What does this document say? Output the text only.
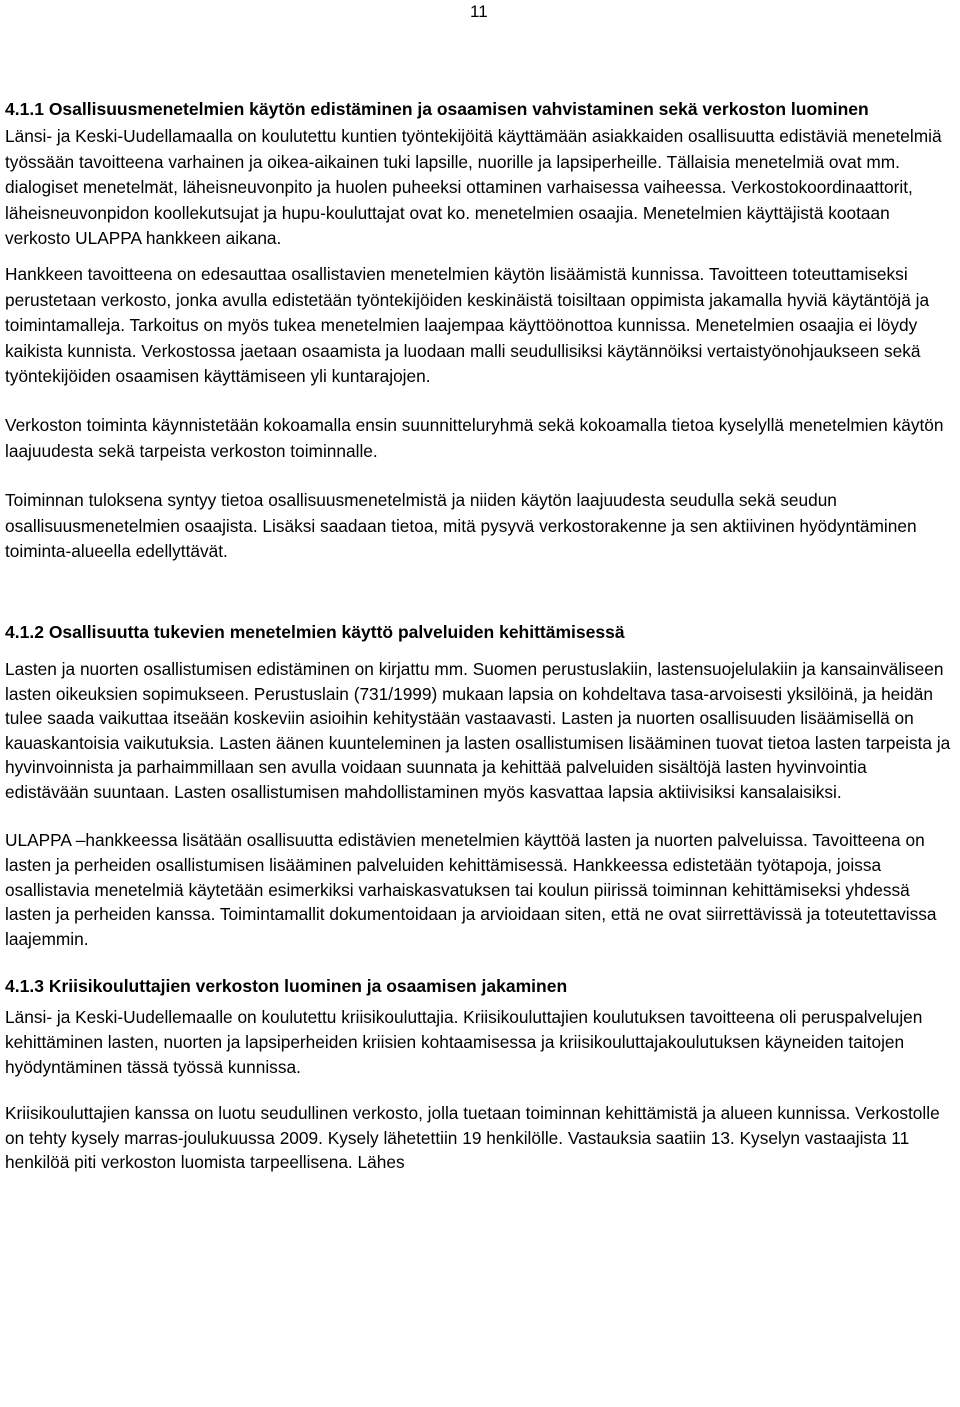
11
4.1.1 Osallisuusmenetelmien käytön edistäminen ja osaamisen vahvistaminen sekä verkoston luominen

Länsi- ja Keski-Uudellamaalla on koulutettu kuntien työntekijöitä käyttämään asiakkaiden osallisuutta edistäviä menetelmiä työssään tavoitteena varhainen ja oikea-aikainen tuki lapsille, nuorille ja lapsiperheille. Tällaisia menetelmiä ovat mm. dialogiset menetelmät, läheisneuvonpito ja huolen puheeksi ottaminen varhaisessa vaiheessa. Verkostokoordinaattorit, läheisneuvonpidon koollekutsujat ja hupu-kouluttajat ovat ko. menetelmien osaajia. Menetelmien käyttäjistä kootaan verkosto ULAPPA hankkeen aikana.

Hankkeen tavoitteena on edesauttaa osallistavien menetelmien käytön lisäämistä kunnissa. Tavoitteen toteuttamiseksi perustetaan verkosto, jonka avulla edistetään työntekijöiden keskinäistä toisiltaan oppimista jakamalla hyviä käytäntöjä ja toimintamalleja. Tarkoitus on myös tukea menetelmien laajempaa käyttöönottoa kunnissa. Menetelmien osaajia ei löydy kaikista kunnista. Verkostossa jaetaan osaamista ja luodaan malli seudullisiksi käytännöiksi vertaistyönohjaukseen sekä työntekijöiden osaamisen käyttämiseen yli kuntarajojen.

Verkoston toiminta käynnistetään kokoamalla ensin suunnitteluryhmä sekä kokoamalla tietoa kyselyllä menetelmien käytön laajuudesta sekä tarpeista verkoston toiminnalle.

Toiminnan tuloksena syntyy tietoa osallisuusmenetelmistä ja niiden käytön laajuudesta seudulla sekä seudun osallisuusmenetelmien osaajista. Lisäksi saadaan tietoa, mitä pysyvä verkostorakenne ja sen aktiivinen hyödyntäminen toiminta-alueella edellyttävät.

4.1.2 Osallisuutta tukevien menetelmien käyttö palveluiden kehittämisessä

Lasten ja nuorten osallistumisen edistäminen on kirjattu mm. Suomen perustuslakiin, lastensuojelulakiin ja kansainväliseen lasten oikeuksien sopimukseen. Perustuslain (731/1999) mukaan lapsia on kohdeltava tasa-arvoisesti yksilöinä, ja heidän tulee saada vaikuttaa itseään koskeviin asioihin kehitystään vastaavasti. Lasten ja nuorten osallisuuden lisäämisellä on kauaskantoisia vaikutuksia. Lasten äänen kuunteleminen ja lasten osallistumisen lisääminen tuovat tietoa lasten tarpeista ja hyvinvoinnista ja parhaimmillaan sen avulla voidaan suunnata ja kehittää palveluiden sisältöjä lasten hyvinvointia edistävään suuntaan. Lasten osallistumisen mahdollistaminen myös kasvattaa lapsia aktiivisiksi kansalaisiksi.

ULAPPA –hankkeessa lisätään osallisuutta edistävien menetelmien käyttöä lasten ja nuorten palveluissa. Tavoitteena on lasten ja perheiden osallistumisen lisääminen palveluiden kehittämisessä. Hankkeessa edistetään työtapoja, joissa osallistavia menetelmiä käytetään esimerkiksi varhaiskasvatuksen tai koulun piirissä toiminnan kehittämiseksi yhdessä lasten ja perheiden kanssa. Toimintamallit dokumentoidaan ja arvioidaan siten, että ne ovat siirrettävissä ja toteutettavissa laajemmin.

4.1.3 Kriisikouluttajien verkoston luominen ja osaamisen jakaminen

Länsi- ja Keski-Uudellemaalle on koulutettu kriisikouluttajia. Kriisikouluttajien koulutuksen tavoitteena oli peruspalvelujen kehittäminen lasten, nuorten ja lapsiperheiden kriisien kohtaamisessa ja kriisikouluttajakoulutuksen käyneiden taitojen hyödyntäminen tässä työssä kunnissa.

Kriisikouluttajien kanssa on luotu seudullinen verkosto, jolla tuetaan toiminnan kehittämistä ja alueen kunnissa. Verkostolle on tehty kysely marras-joulukuussa 2009. Kysely lähetettiin 19 henkilölle. Vastauksia saatiin 13. Kyselyn vastaajista 11 henkilöä piti verkoston luomista tarpeellisena. Lähes
